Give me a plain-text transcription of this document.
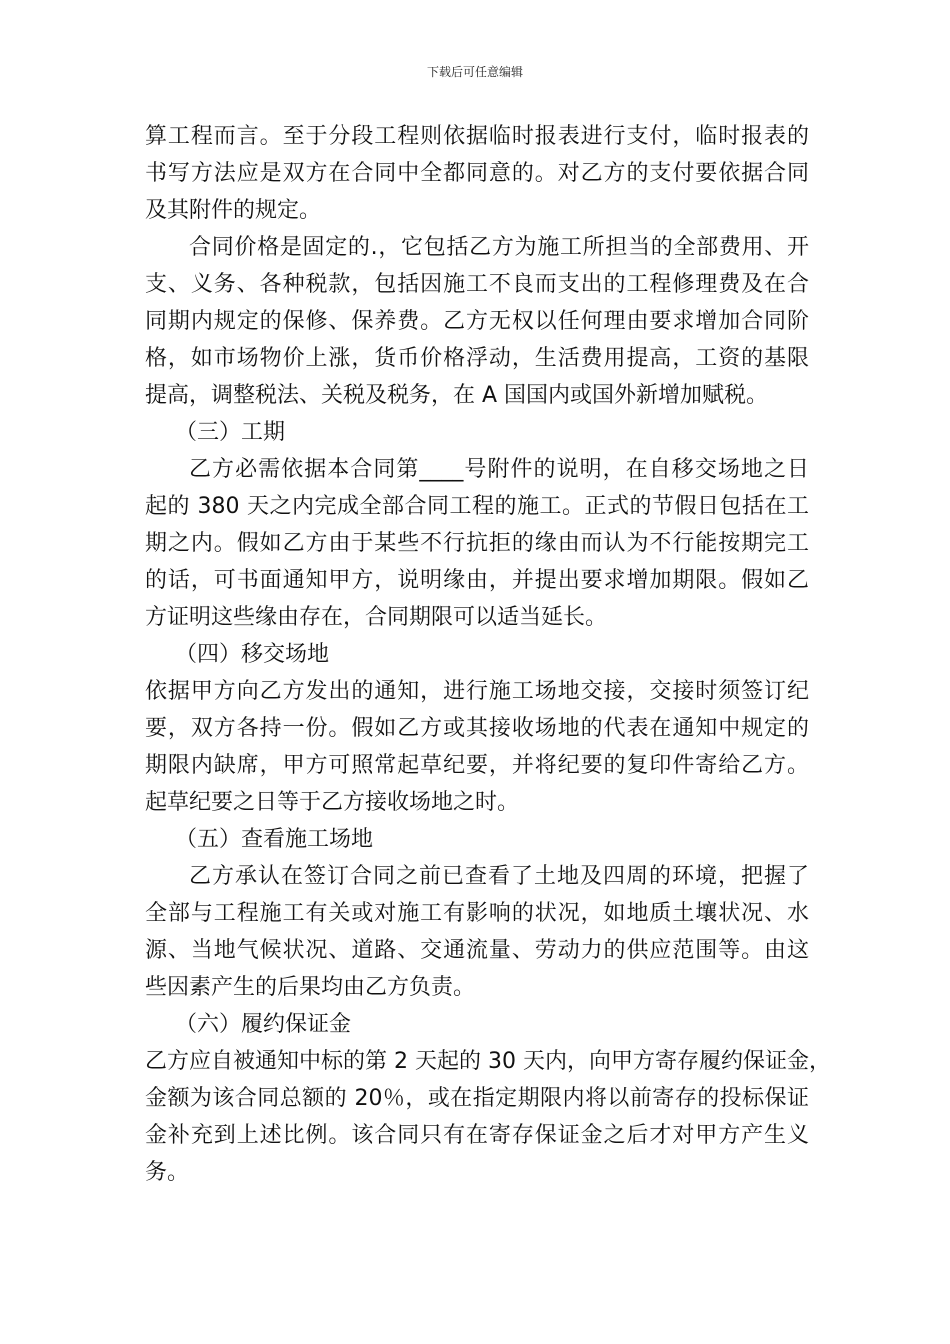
下载后可任意编辑
算工程而言。至于分段工程则依据临时报表进行支付，临时报表的
书写方法应是双方在合同中全都同意的。对乙方的支付要依据合同
及其附件的规定。
合同价格是固定的.，它包括乙方为施工所担当的全部费用、开
支、义务、各种税款，包括因施工不良而支出的工程修理费及在合
同期内规定的保修、保养费。乙方无权以任何理由要求增加合同阶
格，如市场物价上涨，货币价格浮动，生活费用提高，工资的基限
提高，调整税法、关税及税务，在 A 国国内或国外新增加赋税。
（三）工期
乙方必需依据本合同第____号附件的说明，在自移交场地之日
起的 380 天之内完成全部合同工程的施工。正式的节假日包括在工
期之内。假如乙方由于某些不行抗拒的缘由而认为不行能按期完工
的话，可书面通知甲方，说明缘由，并提出要求增加期限。假如乙
方证明这些缘由存在，合同期限可以适当延长。
（四）移交场地
依据甲方向乙方发出的通知，进行施工场地交接，交接时须签订纪
要，双方各持一份。假如乙方或其接收场地的代表在通知中规定的
期限内缺席，甲方可照常起草纪要，并将纪要的复印件寄给乙方。
起草纪要之日等于乙方接收场地之时。
（五）查看施工场地
乙方承认在签订合同之前已查看了土地及四周的环境，把握了
全部与工程施工有关或对施工有影响的状况，如地质土壤状况、水
源、当地气候状况、道路、交通流量、劳动力的供应范围等。由这
些因素产生的后果均由乙方负责。
（六）履约保证金
乙方应自被通知中标的第 2 天起的 30 天内，向甲方寄存履约保证金，
金额为该合同总额的 20％，或在指定期限内将以前寄存的投标保证
金补充到上述比例。该合同只有在寄存保证金之后才对甲方产生义
务。
